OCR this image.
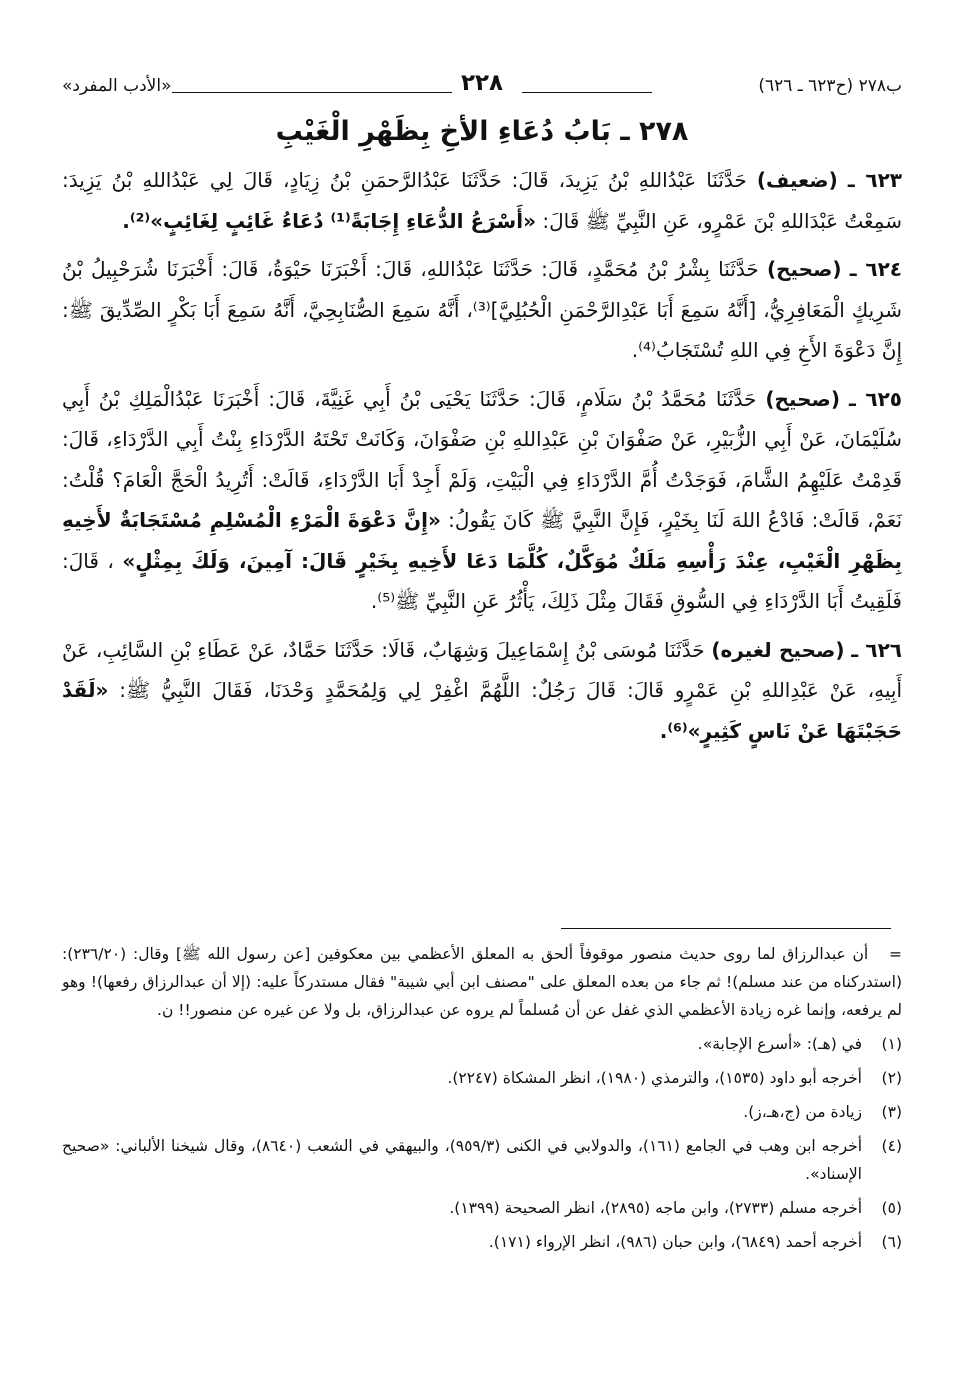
ب٢٧٨ (ح٦٢٣ ـ ٦٢٦)
٢٢٨
«الأدب المفرد»
٢٧٨ ـ بَابُ دُعَاءِ الأخِ بِظَهْرِ الْغَيْبِ

٦٢٣ ـ (ضعيف) حَدَّثَنَا عَبْدُاللهِ بْنُ يَزِيدَ، قَالَ: حَدَّثَنَا عَبْدُالرَّحمَنِ بْنُ زِيَادٍ، قَالَ لِي عَبْدُاللهِ بْنُ يَزِيدَ: سَمِعْتُ عَبْدَاللهِ بْنَ عَمْرٍو، عَنِ النَّبِيِّ ﷺ قَالَ: «أَسْرَعُ الدُّعَاءِ إِجَابَةً⁽¹⁾ دُعَاءُ غَائِبٍ لِغَائِبٍ»⁽²⁾.

٦٢٤ ـ (صحيح) حَدَّثَنَا بِشْرُ بْنُ مُحَمَّدٍ، قَالَ: حَدَّثَنَا عَبْدُاللهِ، قَالَ: أَخْبَرَنَا حَيْوَةُ، قَالَ: أَخْبَرَنَا شُرَحْبِيلُ بْنُ شَرِيكٍ الْمَعَافِرِيُّ، [أَنَّهُ سَمِعَ أَبَا عَبْدِالرَّحْمَنِ الْحُبُلِيَّ]⁽³⁾، أَنَّهُ سَمِعَ الصُّنَابِحِيَّ، أَنَّهُ سَمِعَ أَبَا بَكْرٍ الصِّدِّيقَ ﷺ: إِنَّ دَعْوَةَ الأَخِ فِي اللهِ تُسْتَجَابُ⁽⁴⁾.

٦٢٥ ـ (صحيح) حَدَّثَنَا مُحَمَّدُ بْنُ سَلَامٍ، قَالَ: حَدَّثَنَا يَحْيَى بْنُ أَبِي غَنِيَّةَ، قَالَ: أَخْبَرَنَا عَبْدُالْمَلِكِ بْنُ أَبِي سُلَيْمَانَ، عَنْ أَبِي الزُّبَيْرِ، عَنْ صَفْوَانَ بْنِ عَبْدِاللهِ بْنِ صَفْوَانَ، وَكَانَتْ تَحْتَهُ الدَّرْدَاءِ بِنْتُ أَبِي الدَّرْدَاءِ، قَالَ: قَدِمْتُ عَلَيْهِمُ الشَّامَ، فَوَجَدْتُ أُمَّ الدَّرْدَاءِ فِي الْبَيْتِ، وَلَمْ أَجِدْ أَبَا الدَّرْدَاءِ، قَالَتْ: أَتُرِيدُ الْحَجَّ الْعَامَ؟ قُلْتُ: نَعَمْ، قَالَتْ: فَادْعُ اللهَ لَنَا بِخَيْرٍ، فَإِنَّ النَّبِيَّ ﷺ كَانَ يَقُولُ: «إِنَّ دَعْوَةَ الْمَرْءِ الْمُسْلِمِ مُسْتَجَابَةٌ لأَخِيهِ بِظَهْرِ الْغَيْبِ، عِنْدَ رَأْسِهِ مَلَكٌ مُوَكَّلٌ، كُلَّمَا دَعَا لأَخِيهِ بِخَيْرٍ قَالَ: آمِينَ، وَلَكَ بِمِثْلٍ» ، قَالَ: فَلَقِيتُ أَبَا الدَّرْدَاءِ فِي السُّوقِ فَقَالَ مِثْلَ ذَلِكَ، يَأْثُرُ عَنِ النَّبِيِّ ﷺ⁽⁵⁾.

٦٢٦ ـ (صحيح لغيره) حَدَّثَنَا مُوسَى بْنُ إِسْمَاعِيلَ وَشِهَابٌ، قَالَا: حَدَّثَنَا حَمَّادٌ، عَنْ عَطَاءِ بْنِ السَّائِبِ، عَنْ أَبِيهِ، عَنْ عَبْدِاللهِ بْنِ عَمْرٍو قَالَ: قَالَ رَجُلٌ: اللَّهُمَّ اغْفِرْ لِي وَلِمُحَمَّدٍ وَحْدَنَا، فَقَالَ النَّبِيُّ ﷺ: «لَقَدْ حَجَبْتَهَا عَنْ نَاسٍ كَثِيرٍ»⁽⁶⁾.

= أن عبدالرزاق لما روى حديث منصور موقوفاً ألحق به المعلق الأعظمي بين معكوفين [عن رسول الله ﷺ] وقال: (٢٣٦/٢٠): (استدركناه من عند مسلم)! ثم جاء من بعده المعلق على "مصنف ابن أبي شيبة" فقال مستدركاً عليه: (إلا أن عبدالرزاق رفعها)! وهو لم يرفعه، وإنما غره زيادة الأعظمي الذي غفل عن أن مُسلماً لم يروه عن عبدالرزاق، بل ولا عن غيره عن منصور!! ن.
(١)
في (هـ): «أسرع الإجابة».
(٢)
أخرجه أبو داود (١٥٣٥)، والترمذي (١٩٨٠)، انظر المشكاة (٢٢٤٧).
(٣)
زيادة من (ج،هـ،ز).
(٤)
أخرجه ابن وهب في الجامع (١٦١)، والدولابي في الكنى (٩٥٩/٣)، والبيهقي في الشعب (٨٦٤٠)، وقال شيخنا الألباني: «صحيح الإسناد».
(٥)
أخرجه مسلم (٢٧٣٣)، وابن ماجه (٢٨٩٥)، انظر الصحيحة (١٣٩٩).
(٦)
أخرجه أحمد (٦٨٤٩)، وابن حبان (٩٨٦)، انظر الإرواء (١٧١).
